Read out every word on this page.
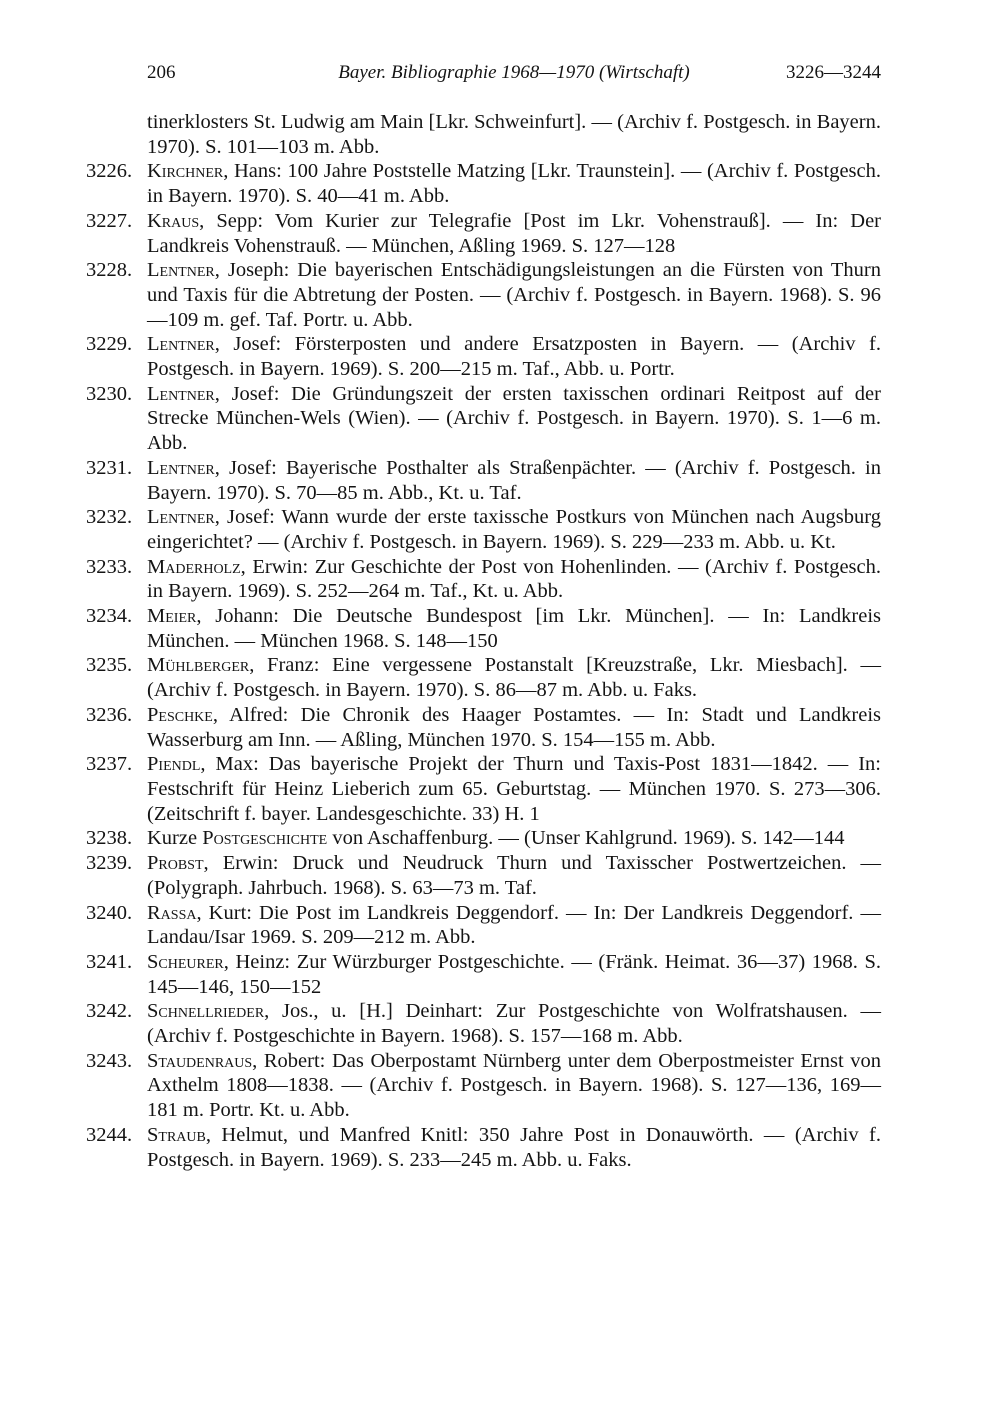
206	Bayer. Bibliographie 1968—1970 (Wirtschaft)	3226—3244
tinerklosters St. Ludwig am Main [Lkr. Schweinfurt]. — (Archiv f. Postgesch. in Bayern. 1970). S. 101—103 m. Abb.
3226. Kirchner, Hans: 100 Jahre Poststelle Matzing [Lkr. Traunstein]. — (Archiv f. Postgesch. in Bayern. 1970). S. 40—41 m. Abb.
3227. Kraus, Sepp: Vom Kurier zur Telegrafie [Post im Lkr. Vohenstrauß]. — In: Der Landkreis Vohenstrauß. — München, Aßling 1969. S. 127—128
3228. Lentner, Joseph: Die bayerischen Entschädigungsleistungen an die Fürsten von Thurn und Taxis für die Abtretung der Posten. — (Archiv f. Postgesch. in Bayern. 1968). S. 96—109 m. gef. Taf. Portr. u. Abb.
3229. Lentner, Josef: Försterposten und andere Ersatzposten in Bayern. — (Archiv f. Postgesch. in Bayern. 1969). S. 200—215 m. Taf., Abb. u. Portr.
3230. Lentner, Josef: Die Gründungszeit der ersten taxisschen ordinari Reitpost auf der Strecke München-Wels (Wien). — (Archiv f. Postgesch. in Bayern. 1970). S. 1—6 m. Abb.
3231. Lentner, Josef: Bayerische Posthalter als Straßenpächter. — (Archiv f. Postgesch. in Bayern. 1970). S. 70—85 m. Abb., Kt. u. Taf.
3232. Lentner, Josef: Wann wurde der erste taxissche Postkurs von München nach Augsburg eingerichtet? — (Archiv f. Postgesch. in Bayern. 1969). S. 229—233 m. Abb. u. Kt.
3233. Maderholz, Erwin: Zur Geschichte der Post von Hohenlinden. — (Archiv f. Postgesch. in Bayern. 1969). S. 252—264 m. Taf., Kt. u. Abb.
3234. Meier, Johann: Die Deutsche Bundespost [im Lkr. München]. — In: Landkreis München. — München 1968. S. 148—150
3235. Mühlberger, Franz: Eine vergessene Postanstalt [Kreuzstraße, Lkr. Miesbach]. — (Archiv f. Postgesch. in Bayern. 1970). S. 86—87 m. Abb. u. Faks.
3236. Peschke, Alfred: Die Chronik des Haager Postamtes. — In: Stadt und Landkreis Wasserburg am Inn. — Aßling, München 1970. S. 154—155 m. Abb.
3237. Piendl, Max: Das bayerische Projekt der Thurn und Taxis-Post 1831—1842. — In: Festschrift für Heinz Lieberich zum 65. Geburtstag. — München 1970. S. 273—306. (Zeitschrift f. bayer. Landesgeschichte. 33) H. 1
3238. Kurze Postgeschichte von Aschaffenburg. — (Unser Kahlgrund. 1969). S. 142—144
3239. Probst, Erwin: Druck und Neudruck Thurn und Taxisscher Postwertzeichen. — (Polygraph. Jahrbuch. 1968). S. 63—73 m. Taf.
3240. Rassa, Kurt: Die Post im Landkreis Deggendorf. — In: Der Landkreis Deggendorf. — Landau/Isar 1969. S. 209—212 m. Abb.
3241. Scheurer, Heinz: Zur Würzburger Postgeschichte. — (Fränk. Heimat. 36—37) 1968. S. 145—146, 150—152
3242. Schnellrieder, Jos., u. [H.] Deinhart: Zur Postgeschichte von Wolfratshausen. — (Archiv f. Postgeschichte in Bayern. 1968). S. 157—168 m. Abb.
3243. Staudenraus, Robert: Das Oberpostamt Nürnberg unter dem Oberpostmeister Ernst von Axthelm 1808—1838. — (Archiv f. Postgesch. in Bayern. 1968). S. 127—136, 169—181 m. Portr. Kt. u. Abb.
3244. Straub, Helmut, und Manfred Knitl: 350 Jahre Post in Donauwörth. — (Archiv f. Postgesch. in Bayern. 1969). S. 233—245 m. Abb. u. Faks.
